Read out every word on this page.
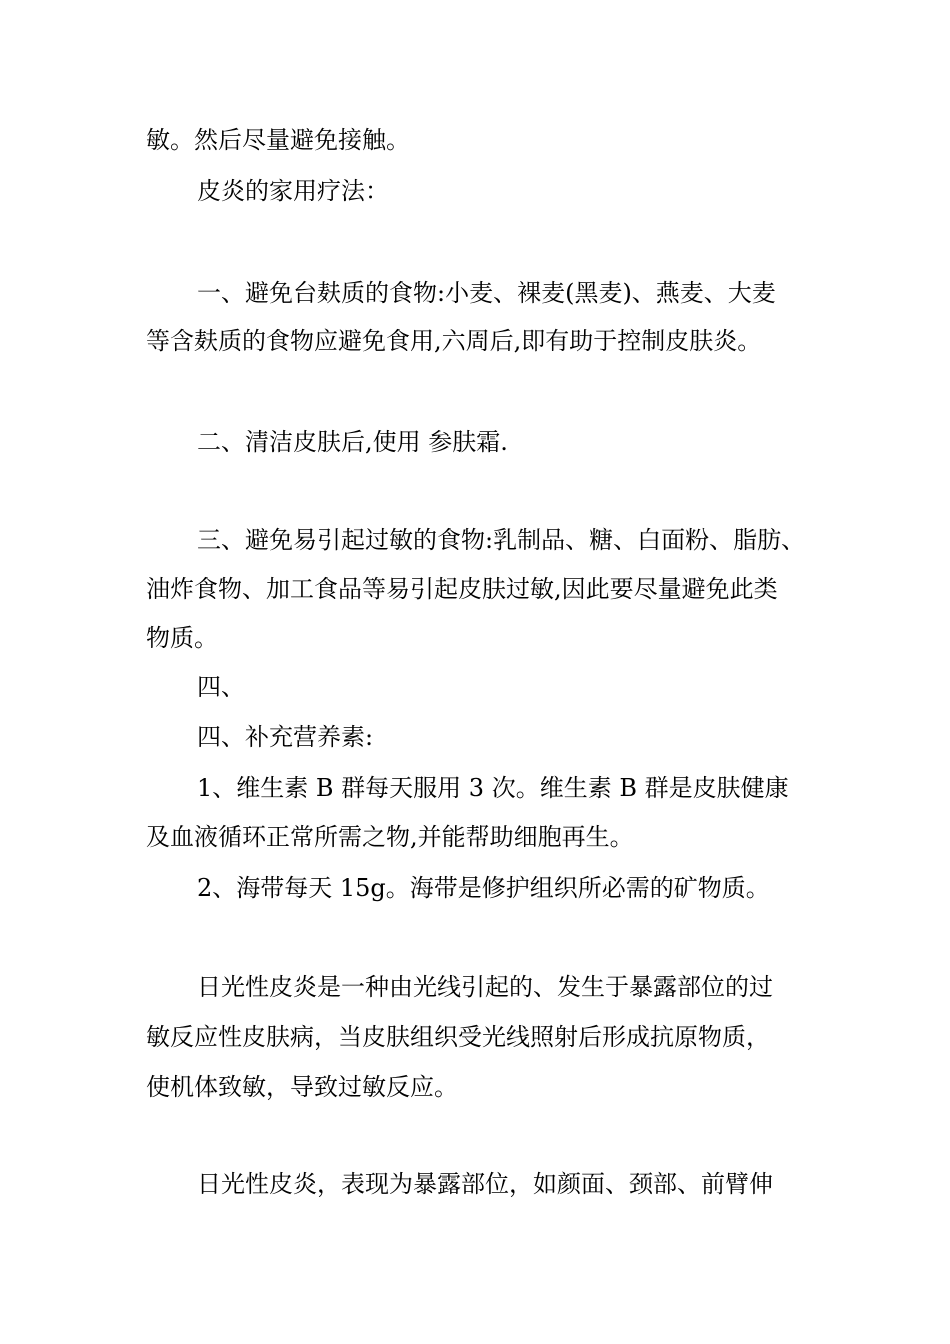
敏。然后尽量避免接触。
皮炎的家用疗法：
一、避免台麸质的食物:小麦、裸麦(黑麦)、燕麦、大麦
等含麸质的食物应避免食用,六周后,即有助于控制皮肤炎。
二、清洁皮肤后,使用 参肤霜.
三、避免易引起过敏的食物:乳制品、糖、白面粉、脂肪、
油炸食物、加工食品等易引起皮肤过敏,因此要尽量避免此类
物质。
四、
四、补充营养素:
1、维生素 B 群每天服用 3 次。维生素 B 群是皮肤健康
及血液循环正常所需之物,并能帮助细胞再生。
2、海带每天 15g。海带是修护组织所必需的矿物质。
日光性皮炎是一种由光线引起的、发生于暴露部位的过
敏反应性皮肤病，当皮肤组织受光线照射后形成抗原物质，
使机体致敏，导致过敏反应。
日光性皮炎，表现为暴露部位，如颜面、颈部、前臂伸
